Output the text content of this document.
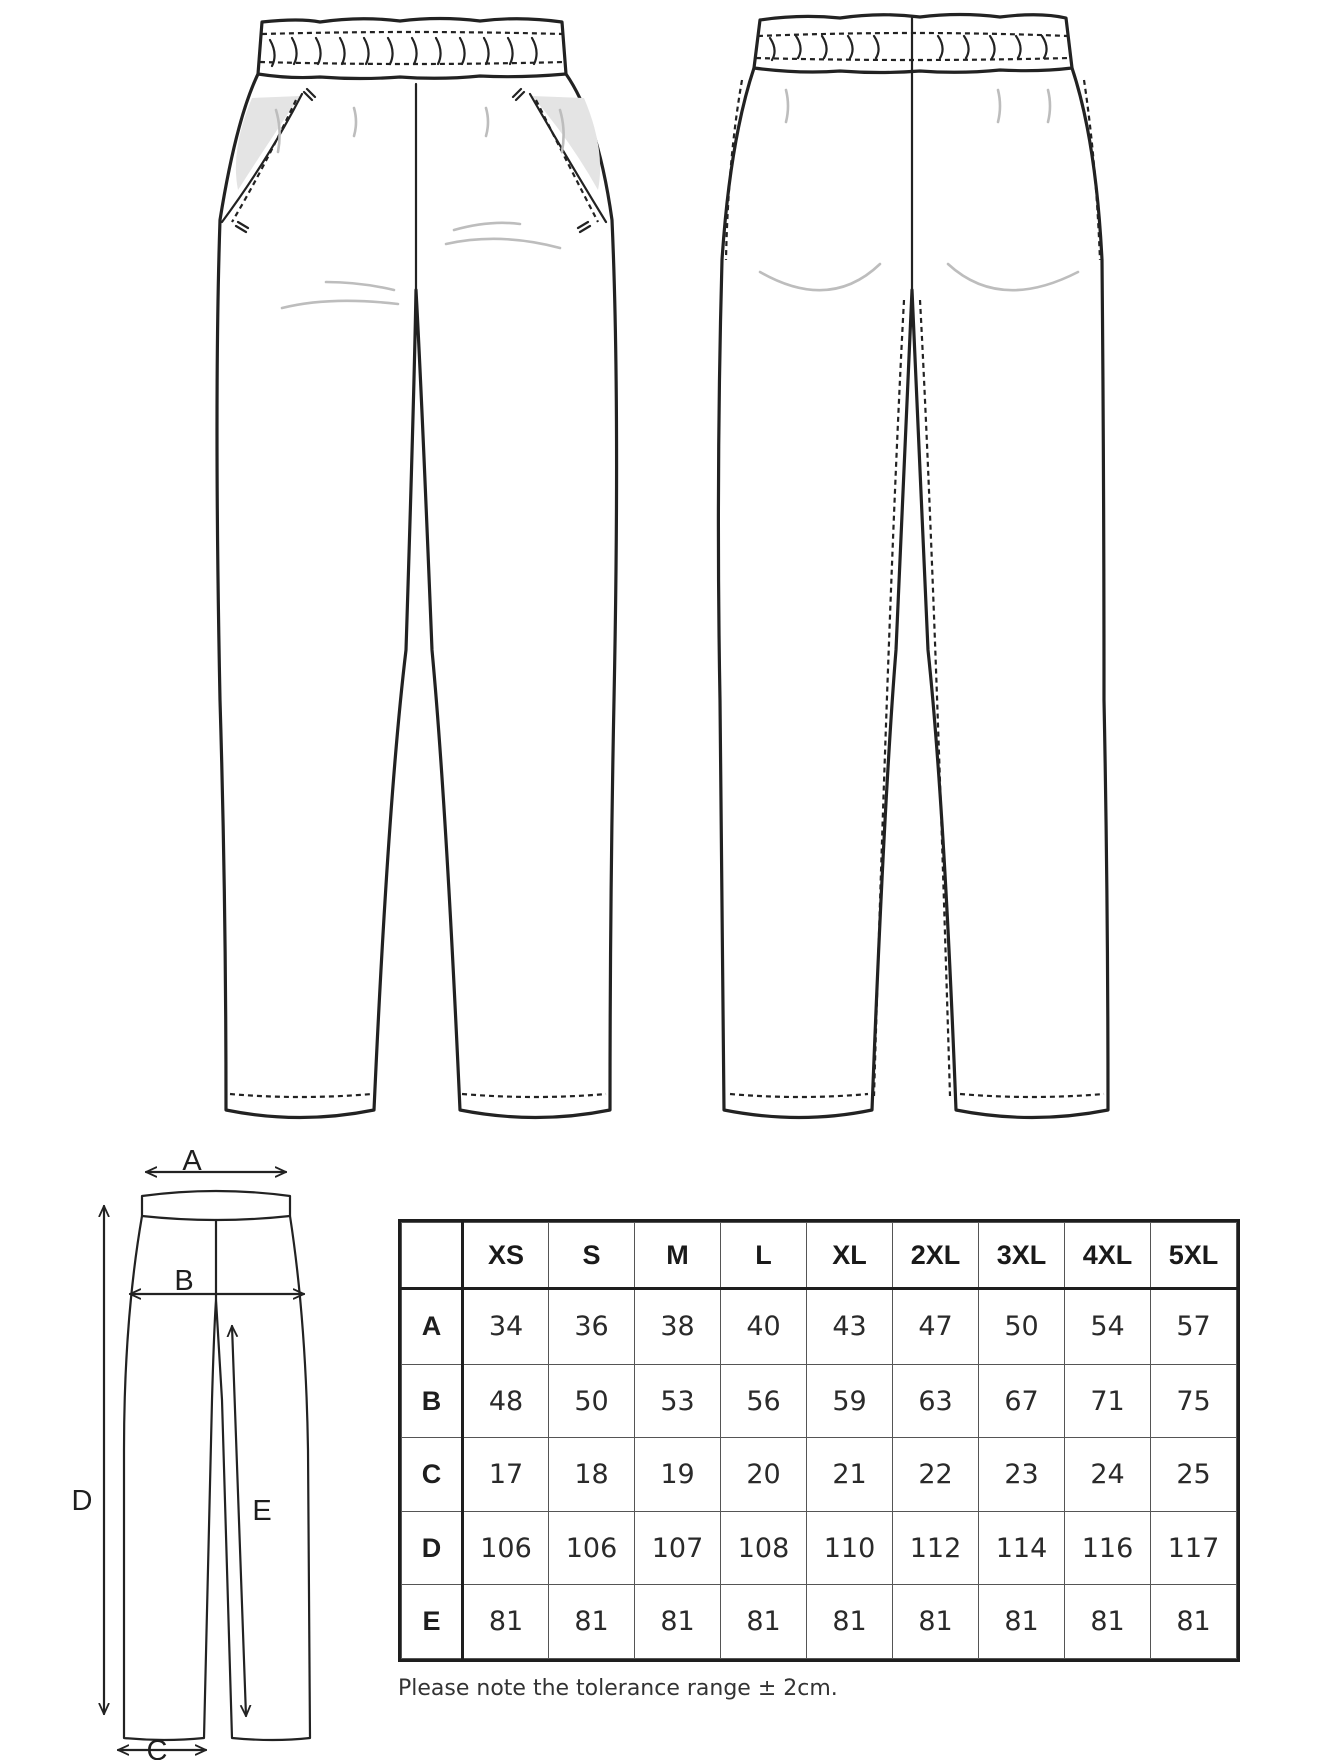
A
B
C
D	E
	XS	S	M	L	XL	2XL	3XL	4XL	5XL
A	34	36	38	40	43	47	50	54	57
B	48	50	53	56	59	63	67	71	75
C	17	18	19	20	21	22	23	24	25
D	106	106	107	108	110	112	114	116	117
E	81	81	81	81	81	81	81	81	81
Please note the tolerance range ± 2cm.
